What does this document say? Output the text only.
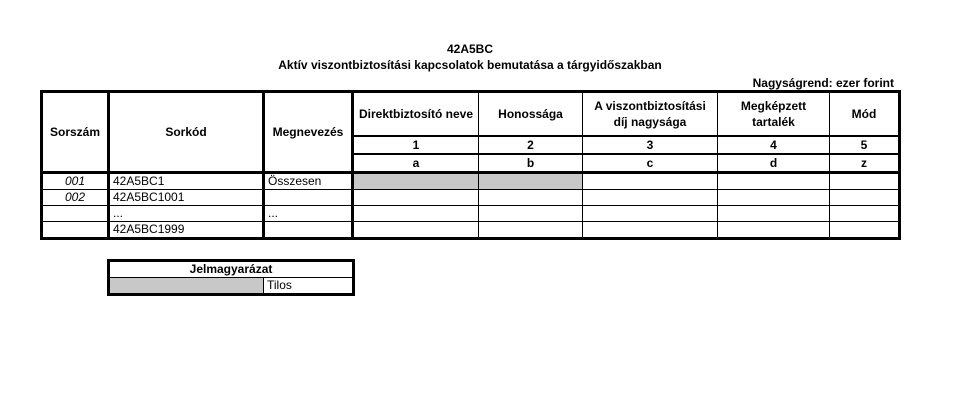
42A5BC
Aktív viszontbiztosítási kapcsolatok bemutatása a tárgyidőszakban
Nagyságrend: ezer forint
Sorszám	Sorkód	Megnevezés	Direktbiztosító neve	Honossága	A viszontbiztosítási díj nagysága	Megképzett tartalék	Mód
			1	2	3	4	5
			a	b	c	d	z
001	42A5BC1	Összesen					
002	42A5BC1001						
	...	...					
	42A5BC1999						
Jelmagyarázat
	Tilos
